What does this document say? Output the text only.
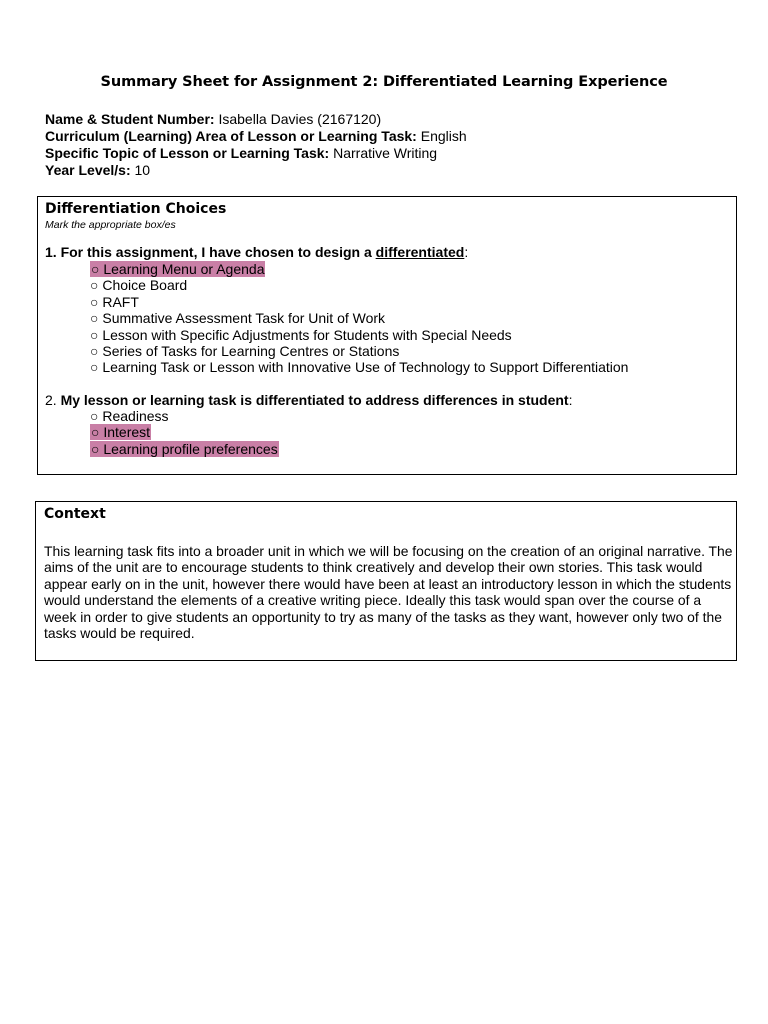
Summary Sheet for Assignment 2: Differentiated Learning Experience
Name & Student Number: Isabella Davies (2167120)
Curriculum (Learning) Area of Lesson or Learning Task: English
Specific Topic of Lesson or Learning Task: Narrative Writing
Year Level/s: 10
Differentiation Choices
Mark the appropriate box/es
1. For this assignment, I have chosen to design a differentiated:
○ Learning Menu or Agenda
○ Choice Board
○ RAFT
○ Summative Assessment Task for Unit of Work
○ Lesson with Specific Adjustments for Students with Special Needs
○ Series of Tasks for Learning Centres or Stations
○ Learning Task or Lesson with Innovative Use of Technology to Support Differentiation
2. My lesson or learning task is differentiated to address differences in student:
○ Readiness
○ Interest
○ Learning profile preferences
Context
This learning task fits into a broader unit in which we will be focusing on the creation of an original narrative. The
aims of the unit are to encourage students to think creatively and develop their own stories. This task would
appear early on in the unit, however there would have been at least an introductory lesson in which the students
would understand the elements of a creative writing piece. Ideally this task would span over the course of a
week in order to give students an opportunity to try as many of the tasks as they want, however only two of the
tasks would be required.
